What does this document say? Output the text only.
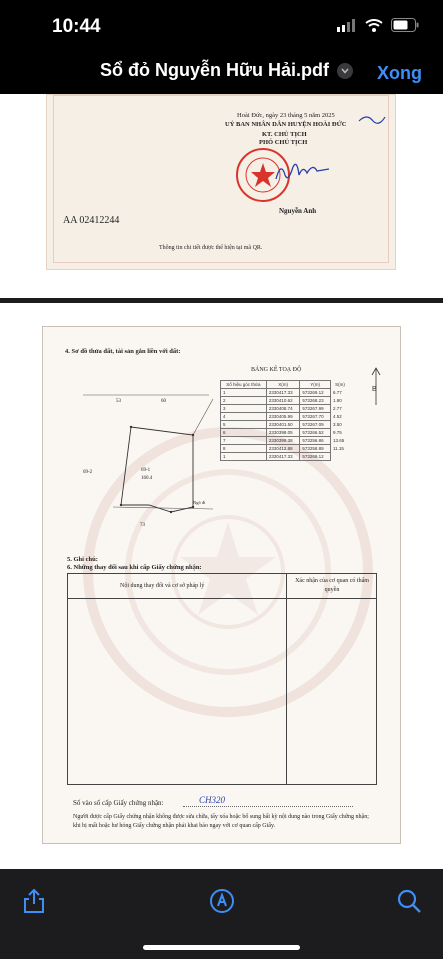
10:44
Sổ đỏ Nguyễn Hữu Hải.pdf	Xong
Hoài Đức, ngày 23 tháng 5 năm 2025
UỶ BAN NHÂN DÂN HUYỆN HOÀI ĐỨC
KT. CHỦ TỊCH
PHÓ CHỦ TỊCH
AA 02412244
Nguyễn Anh
Thông tin chi tiết được thể hiện tại mã QR.
4. Sơ đồ thửa đất, tài sản gắn liền với đất:
53	60
69-1
160.4
69-2
Ngõ đi
73
BẢNG KÊ TOẠ ĐỘ
Số hiệu góc thửa	X(m)	Y(m)	S(m)
1	2330417.33	573269.12	6.77
2	2330410.62	573268.23	1.90
3	2330408.74	573267.99	2.77
4	2330405.99	573267.70	4.52
5	2330401.50	573267.09	3.50
6	2330398.05	573266.52	9.75
7	2330399.38	573256.86	13.65
8	2330412.88	573258.89	11.15
1	2330417.33	573269.12	
B
5. Ghi chú:
6. Những thay đổi sau khi cấp Giấy chứng nhận:
Nội dung thay đổi và cơ sở pháp lý
Xác nhận của cơ quan có thẩm quyền
Số vào sổ cấp Giấy chứng nhận:	CH320
Người được cấp Giấy chứng nhận không được sửa chữa, tẩy xóa hoặc bổ sung bất kỳ nội dung nào trong Giấy chứng nhận; khi bị mất hoặc hư hỏng Giấy chứng nhận phải khai báo ngay với cơ quan cấp Giấy.
